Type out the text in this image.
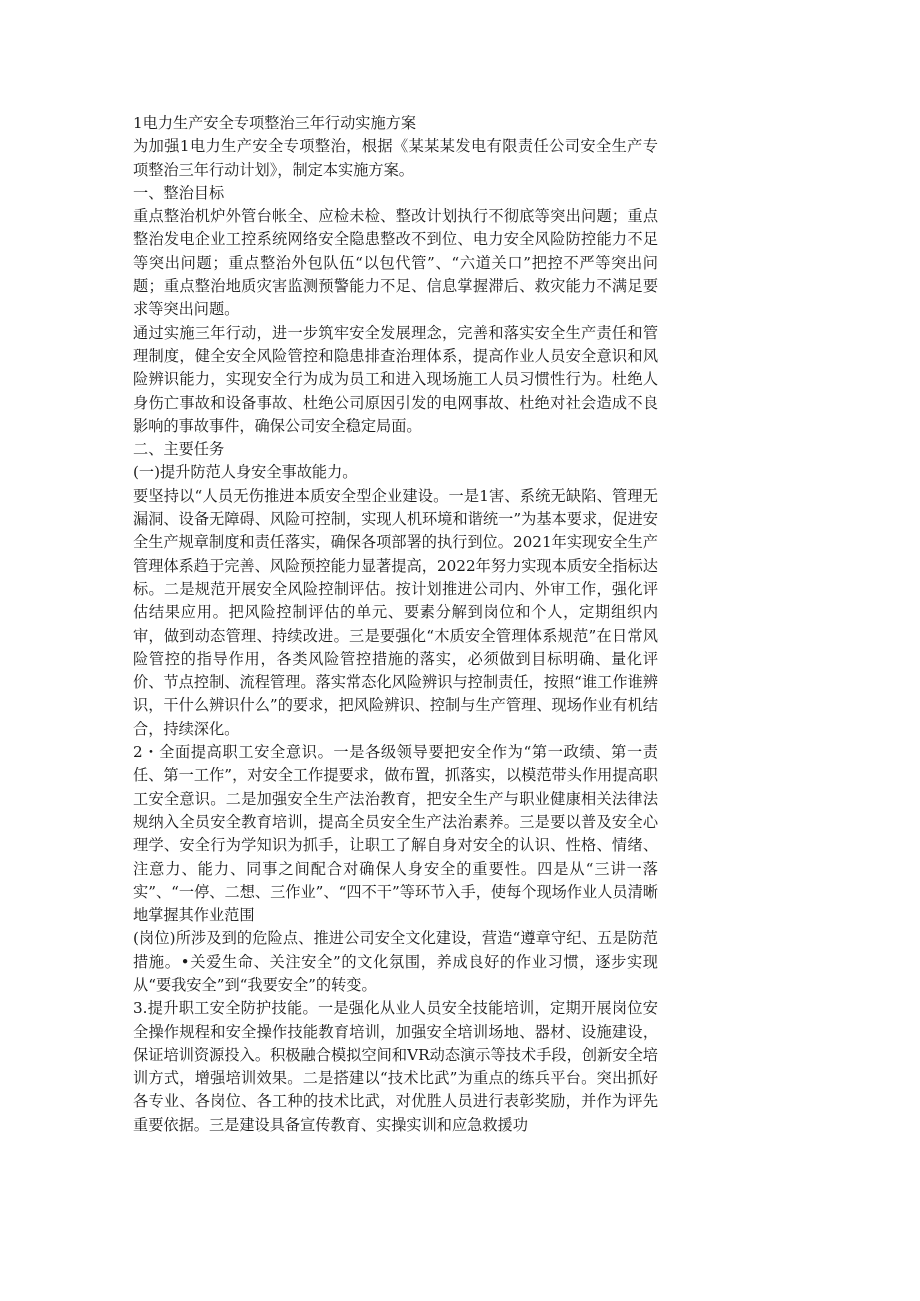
1电力生产安全专项整治三年行动实施方案

为加强1电力生产安全专项整治，根据《某某某发电有限责任公司安全生产专项整治三年行动计划》，制定本实施方案。

一、整治目标

重点整治机炉外管台帐全、应检未检、整改计划执行不彻底等突出问题；重点整治发电企业工控系统网络安全隐患整改不到位、电力安全风险防控能力不足等突出问题；重点整治外包队伍“以包代管”、“六道关口”把控不严等突出问题；重点整治地质灾害监测预警能力不足、信息掌握滞后、救灾能力不满足要求等突出问题。

通过实施三年行动，进一步筑牢安全发展理念，完善和落实安全生产责任和管理制度，健全安全风险管控和隐患排查治理体系，提高作业人员安全意识和风险辨识能力，实现安全行为成为员工和进入现场施工人员习惯性行为。杜绝人身伤亡事故和设备事故、杜绝公司原因引发的电网事故、杜绝对社会造成不良影响的事故事件，确保公司安全稳定局面。

二、主要任务

(一)提升防范人身安全事故能力。

要坚持以“人员无伤推进本质安全型企业建设。一是1害、系统无缺陷、管理无漏洞、设备无障碍、风险可控制，实现人机环境和谐统一”为基本要求，促进安全生产规章制度和责任落实，确保各项部署的执行到位。2021年实现安全生产管理体系趋于完善、风险预控能力显著提高，2022年努力实现本质安全指标达标。二是规范开展安全风险控制评估。按计划推进公司内、外审工作，强化评估结果应用。把风险控制评估的单元、要素分解到岗位和个人，定期组织内审，做到动态管理、持续改进。三是要强化“木质安全管理体系规范”在日常风险管控的指导作用，各类风险管控措施的落实，必须做到目标明确、量化评价、节点控制、流程管理。落实常态化风险辨识与控制责任，按照“谁工作谁辨识，干什么辨识什么”的要求，把风险辨识、控制与生产管理、现场作业有机结合，持续深化。

2・全面提高职工安全意识。一是各级领导要把安全作为“第一政绩、第一责任、第一工作”，对安全工作提要求，做布置，抓落实，以模范带头作用提高职工安全意识。二是加强安全生产法治教育，把安全生产与职业健康相关法律法规纳入全员安全教育培训，提高全员安全生产法治素养。三是要以普及安全心理学、安全行为学知识为抓手，让职工了解自身对安全的认识、性格、情绪、注意力、能力、同事之间配合对确保人身安全的重要性。四是从“三讲一落实”、“一停、二想、三作业”、“四不干”等环节入手，使每个现场作业人员清晰地掌握其作业范围

(岗位)所涉及到的危险点、推进公司安全文化建设，营造“遵章守纪、五是防范措施。•关爱生命、关注安全”的文化氛围，养成良好的作业习惯，逐步实现从“要我安全”到“我要安全”的转变。

3.提升职工安全防护技能。一是强化从业人员安全技能培训，定期开展岗位安全操作规程和安全操作技能教育培训，加强安全培训场地、器材、设施建设，保证培训资源投入。积极融合模拟空间和VR动态演示等技术手段，创新安全培训方式，增强培训效果。二是搭建以“技术比武”为重点的练兵平台。突出抓好各专业、各岗位、各工种的技术比武，对优胜人员进行表彰奖励，并作为评先重要依据。三是建设具备宣传教育、实操实训和应急救援功
